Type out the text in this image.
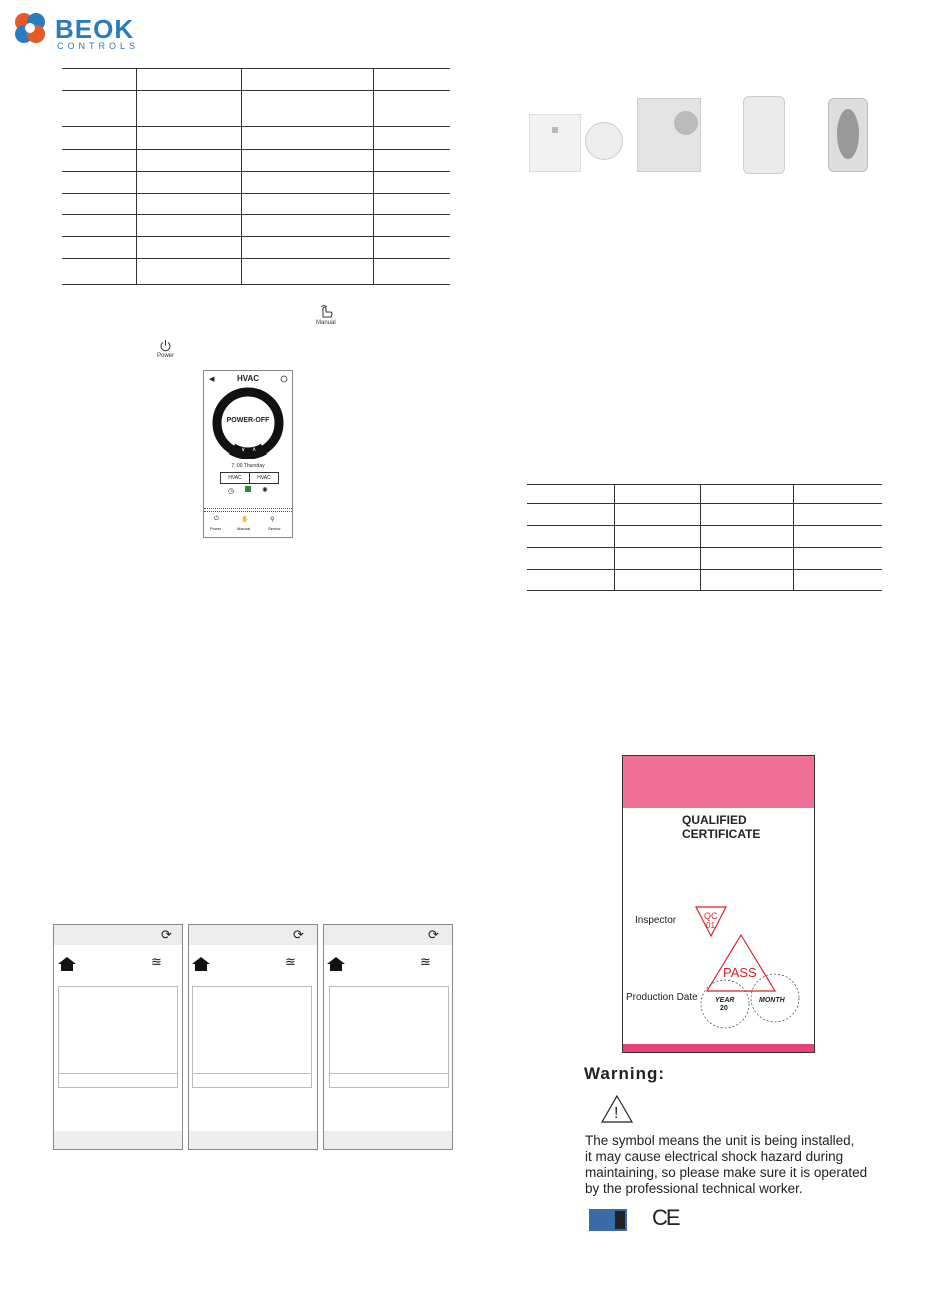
BEOK
CONTROLS
Manual
Power
◀	HVAC
∨ ∧
POWER-OFF
7 :00 Thursday
HVAC	HVAC
◷	✺
⏻	✋	⚲
Power	Manual	Sensor
⟳
≊
⟳
≊
⟳
≊
QUALIFIED
CERTIFICATE
Inspector	QC
01
PASS
Production Date YEAR
20
MONTH
Warning:
!
The symbol means the unit is being installed,
it may cause electrical shock hazard during
maintaining, so please make sure it is operated
by the professional technical worker.
CE
